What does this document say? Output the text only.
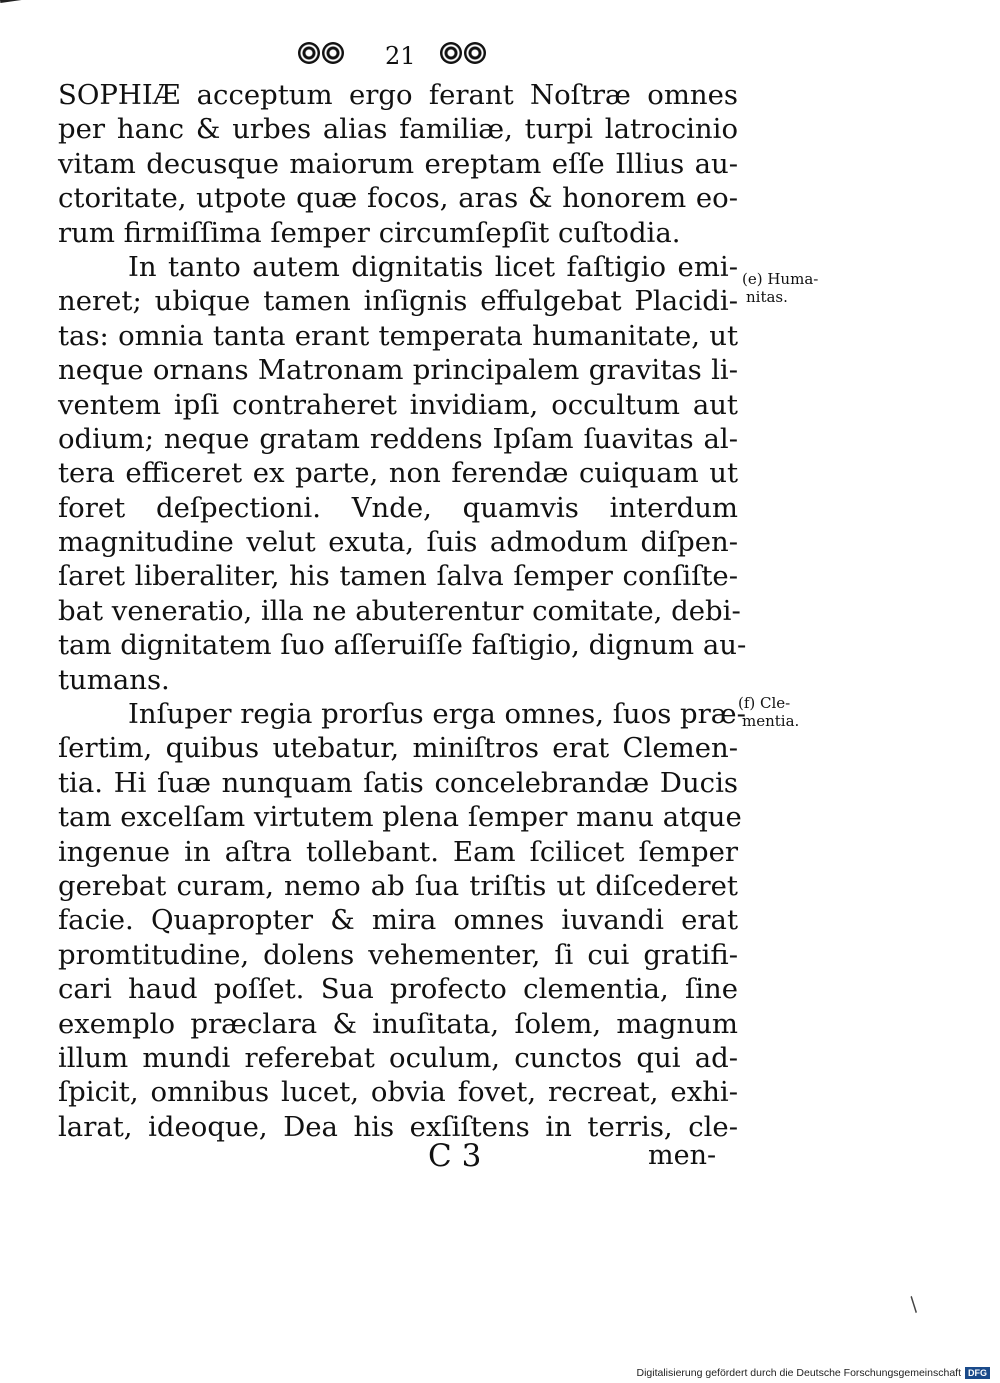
21
SOPHIÆ acceptum ergo ferant Noſtræ omnes
per hanc & urbes alias familiæ, turpi latrocinio
vitam decusque maiorum ereptam eſſe Illius au-
ctoritate, utpote quæ focos, aras & honorem eo-
rum firmiſſima ſemper circumſepſit cuſtodia.
In tanto autem dignitatis licet faſtigio emi-
neret; ubique tamen inſignis effulgebat Placidi-
tas: omnia tanta erant temperata humanitate, ut
neque ornans Matronam principalem gravitas li-
ventem ipſi contraheret invidiam, occultum aut
odium; neque gratam reddens Ipſam ſuavitas al-
tera efficeret ex parte, non ferendæ cuiquam ut
foret deſpectioni. Vnde, quamvis interdum
magnitudine velut exuta, ſuis admodum diſpen-
ſaret liberaliter, his tamen ſalva ſemper conſiſte-
bat veneratio, illa ne abuterentur comitate, debi-
tam dignitatem ſuo aſſeruiſſe faſtigio, dignum au-
tumans.
Inſuper regia prorſus erga omnes, ſuos præ-
ſertim, quibus utebatur, miniſtros erat Clemen-
tia. Hi ſuæ nunquam ſatis concelebrandæ Ducis
tam excelſam virtutem plena ſemper manu atque
ingenue in aſtra tollebant. Eam ſcilicet ſemper
gerebat curam, nemo ab ſua triſtis ut diſcederet
facie. Quapropter & mira omnes iuvandi erat
promtitudine, dolens vehementer, ſi cui gratifi-
cari haud poſſet. Sua profecto clementia, ſine
exemplo præclara & inuſitata, ſolem, magnum
illum mundi referebat oculum, cunctos qui ad-
ſpicit, omnibus lucet, obvia fovet, recreat, exhi-
larat, ideoque, Dea his exſiſtens in terris, cle-
(e) Huma-
nitas.
(f) Cle-
mentia.
C 3	men-
/
Digitalisierung gefördert durch die Deutsche Forschungsgemeinschaft DFG
